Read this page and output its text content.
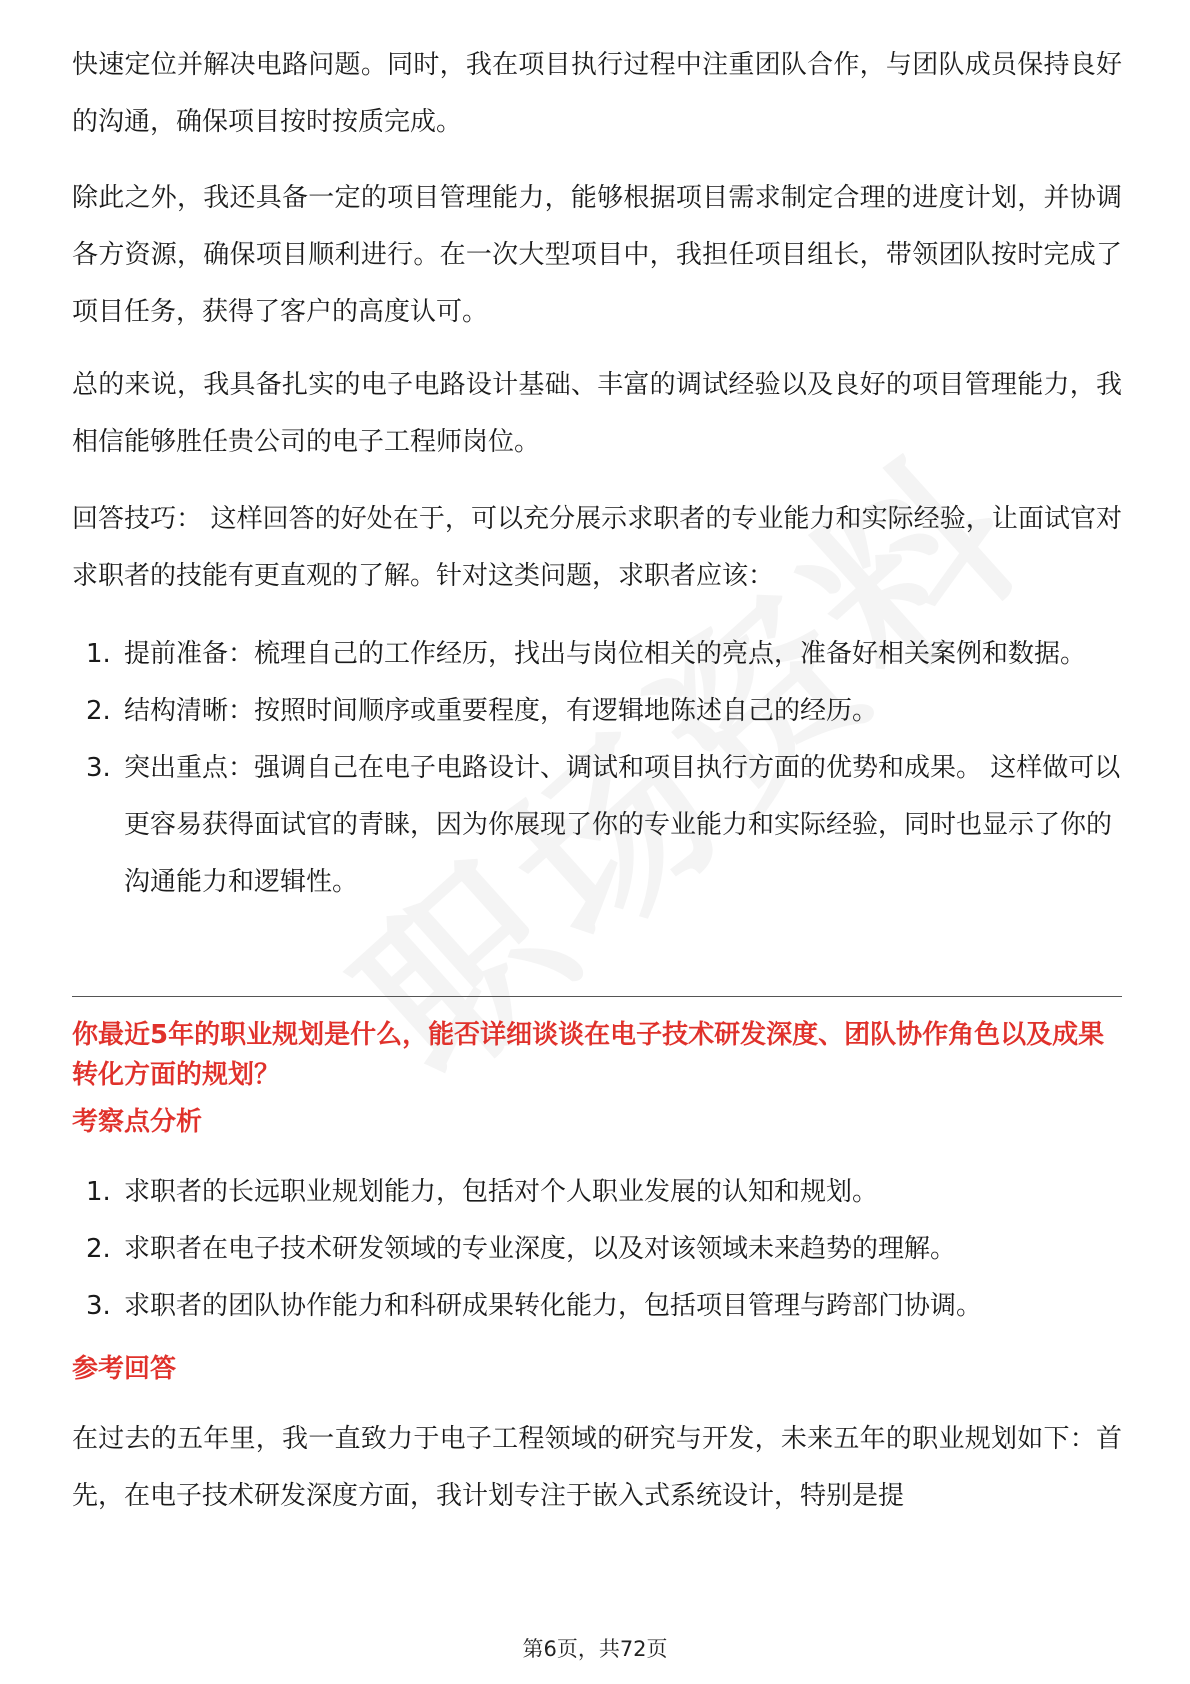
快速定位并解决电路问题。同时，我在项目执行过程中注重团队合作，与团队成员保持良好的沟通，确保项目按时按质完成。

除此之外，我还具备一定的项目管理能力，能够根据项目需求制定合理的进度计划，并协调各方资源，确保项目顺利进行。在一次大型项目中，我担任项目组长，带领团队按时完成了项目任务，获得了客户的高度认可。

总的来说，我具备扎实的电子电路设计基础、丰富的调试经验以及良好的项目管理能力，我相信能够胜任贵公司的电子工程师岗位。

回答技巧： 这样回答的好处在于，可以充分展示求职者的专业能力和实际经验，让面试官对求职者的技能有更直观的了解。针对这类问题，求职者应该：

1. 提前准备：梳理自己的工作经历，找出与岗位相关的亮点，准备好相关案例和数据。
2. 结构清晰：按照时间顺序或重要程度，有逻辑地陈述自己的经历。
3. 突出重点：强调自己在电子电路设计、调试和项目执行方面的优势和成果。 这样做可以更容易获得面试官的青睐，因为你展现了你的专业能力和实际经验，同时也显示了你的沟通能力和逻辑性。

你最近5年的职业规划是什么，能否详细谈谈在电子技术研发深度、团队协作角色以及成果转化方面的规划？

考察点分析

1. 求职者的长远职业规划能力，包括对个人职业发展的认知和规划。
2. 求职者在电子技术研发领域的专业深度，以及对该领域未来趋势的理解。
3. 求职者的团队协作能力和科研成果转化能力，包括项目管理与跨部门协调。

参考回答

在过去的五年里，我一直致力于电子工程领域的研究与开发，未来五年的职业规划如下：首先，在电子技术研发深度方面，我计划专注于嵌入式系统设计，特别是提

第6页，共72页
